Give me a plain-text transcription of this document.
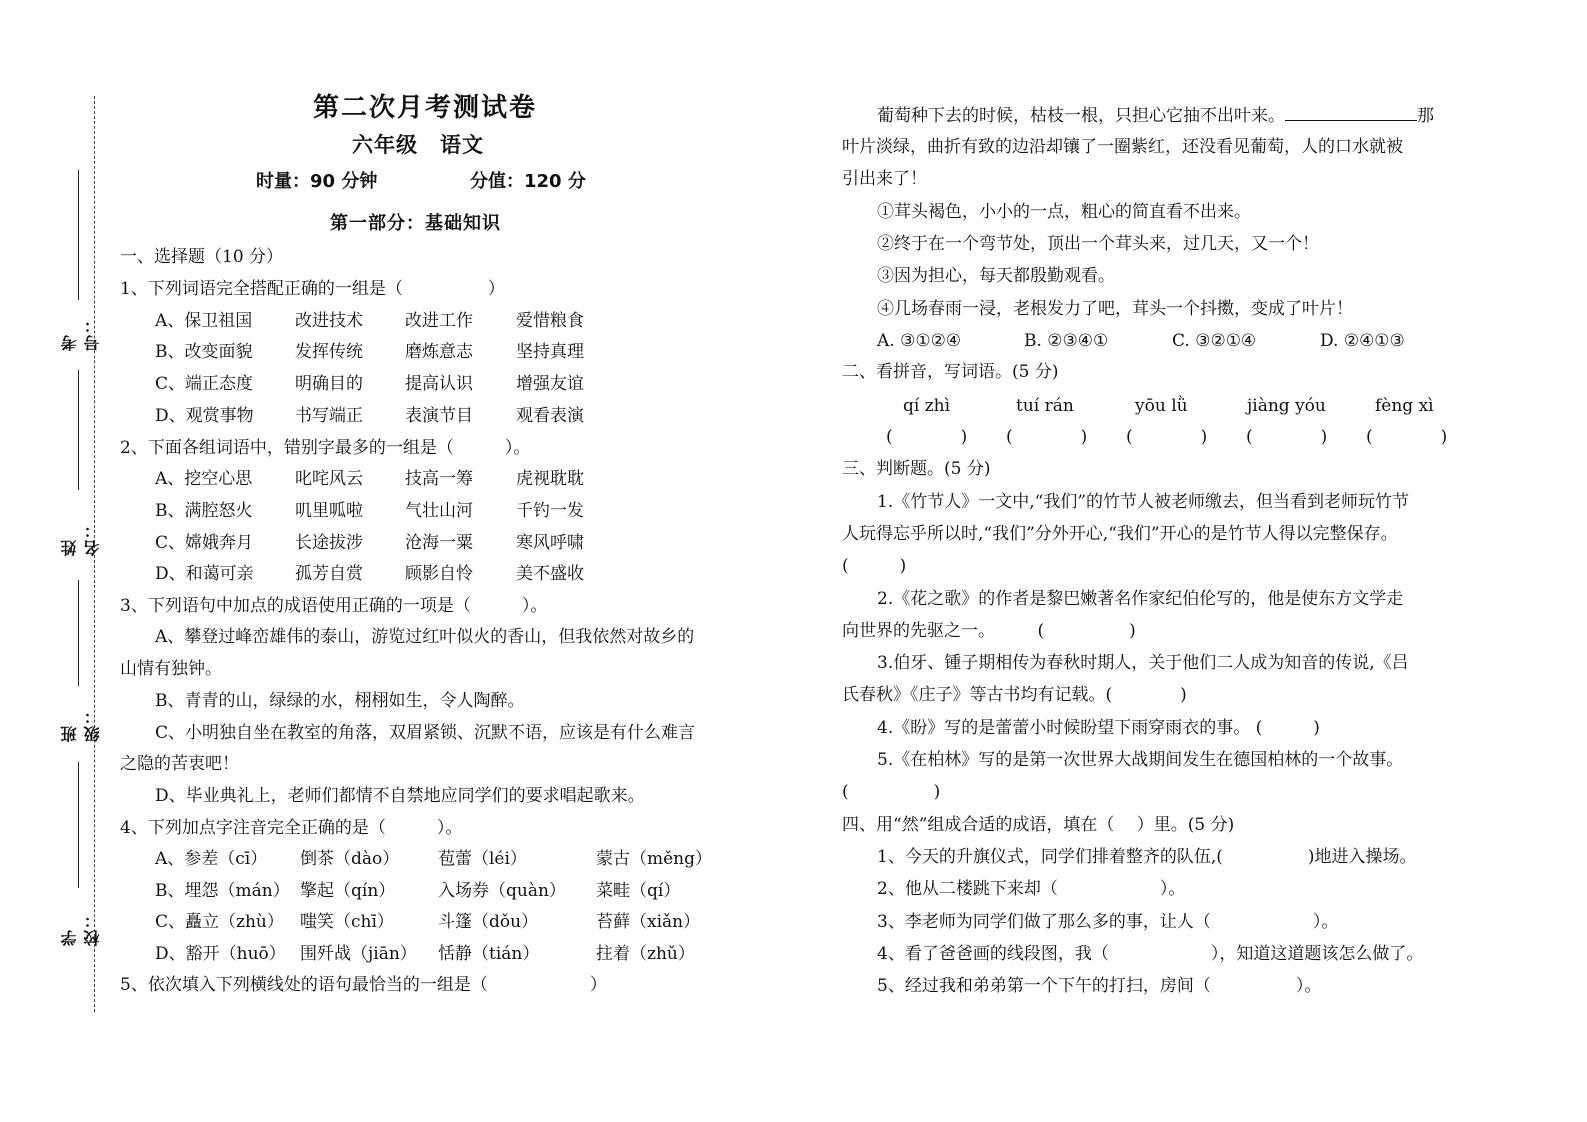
考号：
姓名：
班级：
学校：
第二次月考测试卷
六年级　语文
时量：90 分钟	分值：120 分
第一部分：基础知识
一、选择题（10 分）
1、下列词语完全搭配正确的一组是（　　　　　）
A、保卫祖国	改进技术 改进工作	爱惜粮食
B、改变面貌	发挥传统 磨炼意志	坚持真理
C、端正态度 明确目的 提高认识	增强友谊
D、观赏事物 书写端正 表演节目	观看表演
2、下面各组词语中，错别字最多的一组是（　　　）。
A、挖空心思	叱咤风云 技高一筹	虎视耽耽
B、满腔怒火	叽里呱啦 气壮山河	千钓一发
C、嫦娥奔月 长途拔涉 沧海一粟	寒风呼啸
D、和蔼可亲 孤芳自赏 顾影自怜	美不盛收
3、下列语句中加点的成语使用正确的一项是（　　　）。
A、攀登过峰峦雄伟的泰山，游览过红叶似火的香山，但我依然对故乡的
山情有独钟。
B、青青的山，绿绿的水，栩栩如生，令人陶醉。
C、小明独自坐在教室的角落，双眉紧锁、沉默不语，应该是有什么难言
之隐的苦衷吧！
D、毕业典礼上，老师们都情不自禁地应同学们的要求唱起歌来。
4、下列加点字注音完全正确的是（　　　）。
A、参差（cī） 倒茶（dào） 苞蕾（léi）	蒙古（měng）
B、埋怨（mán） 擎起（qín）	入场券（quàn） 菜畦（qí）
C、矗立（zhù） 嗤笑（chī）	斗篷（dǒu）	苔藓（xiǎn）
D、豁开（huō） 围歼战（jiān） 恬静（tián）	拄着（zhǔ）
5、依次填入下列横线处的语句最恰当的一组是（　　　　　　）
葡萄种下去的时候，枯枝一根，只担心它抽不出叶来。	那
叶片淡绿，曲折有致的边沿却镶了一圈紫红，还没看见葡萄，人的口水就被
引出来了！
①茸头褐色，小小的一点，粗心的简直看不出来。
②终于在一个弯节处，顶出一个茸头来，过几天，又一个！
③因为担心，每天都殷勤观看。
④几场春雨一浸，老根发力了吧，茸头一个抖擞，变成了叶片！
A. ③①②④	B. ②③④①	C. ③②①④	D. ②④①③
二、看拼音，写词语。(5 分)
qí zhì	tuí rán	yōu lǜ	jiàng yóu	fèng xì
(　　　　) (　　　　) (　　　　) (　　　　) (　　　　)
三、判断题。(5 分)
1.《竹节人》一文中,“我们”的竹节人被老师缴去，但当看到老师玩竹节
人玩得忘乎所以时,“我们”分外开心,“我们”开心的是竹节人得以完整保存。
(　　　)
2.《花之歌》的作者是黎巴嫩著名作家纪伯伦写的，他是使东方文学走
向世界的先驱之一。　　　(　　　　　)
3.伯牙、锺子期相传为春秋时期人，关于他们二人成为知音的传说,《吕
氏春秋》《庄子》等古书均有记载。(　　　　)
4.《盼》写的是蕾蕾小时候盼望下雨穿雨衣的事。 (　　　)
5.《在柏林》写的是第一次世界大战期间发生在德国柏林的一个故事。
(　　　　　)
四、用“然”组成合适的成语，填在（　 ）里。(5 分)
1、今天的升旗仪式，同学们排着整齐的队伍,(　　　　　)地进入操场。
2、他从二楼跳下来却（　　　　　　）。
3、李老师为同学们做了那么多的事，让人（　　　　　　）。
4、看了爸爸画的线段图，我（　　　　　　），知道这道题该怎么做了。
5、经过我和弟弟第一个下午的打扫，房间（　　　　　）。
